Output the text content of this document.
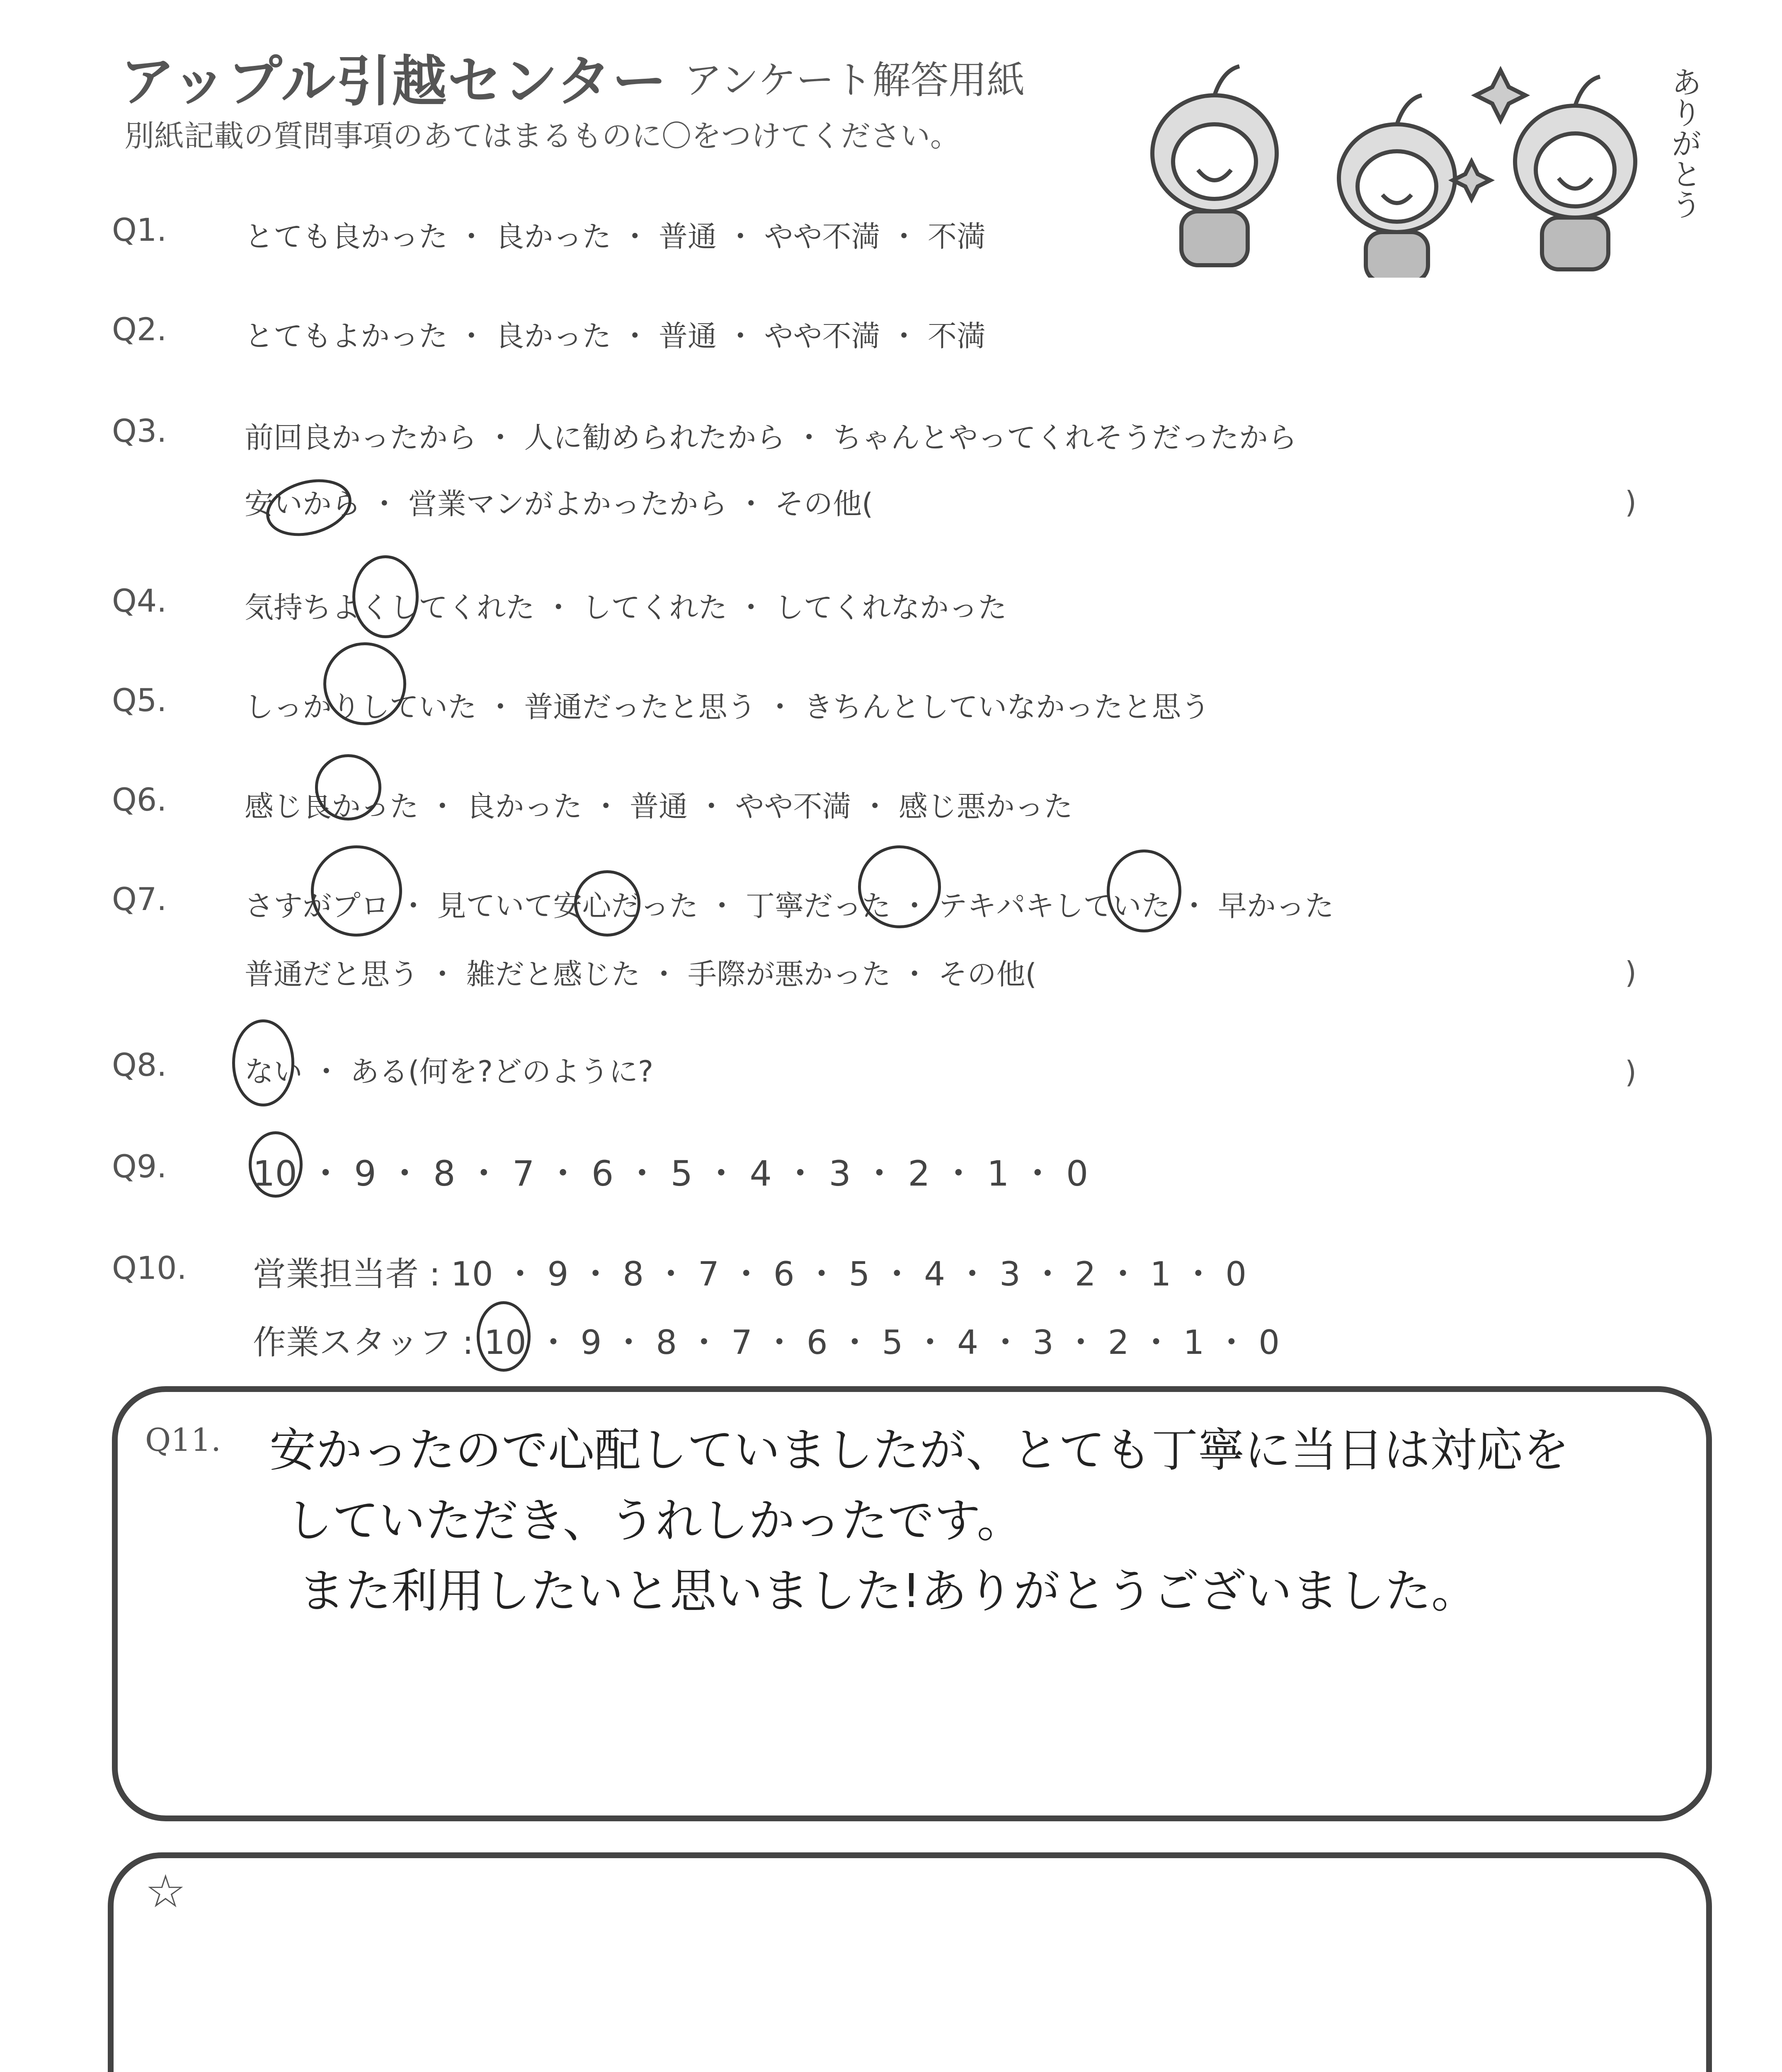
アップル引越センター アンケート解答用紙
別紙記載の質問事項のあてはまるものに〇をつけてください。	ありがとう
Q1.	とても良かった ・ 良かった ・ 普通 ・ やや不満 ・ 不満
Q2.	とてもよかった ・ 良かった ・ 普通 ・ やや不満 ・ 不満
Q3.	前回良かったから ・ 人に勧められたから ・ ちゃんとやってくれそうだったから
安いから ・ 営業マンがよかったから ・ その他(	)
Q4.	気持ちよくしてくれた ・ してくれた ・ してくれなかった
Q5.	しっかりしていた ・ 普通だったと思う ・ きちんとしていなかったと思う
Q6.	感じ良かった ・ 良かった ・ 普通 ・ やや不満 ・ 感じ悪かった
Q7.	さすがプロ ・ 見ていて安心だった ・ 丁寧だった ・ テキパキしていた ・ 早かった
普通だと思う ・ 雑だと感じた ・ 手際が悪かった ・ その他(	)
Q8.	ない ・ ある(何を?どのように?	)
Q9. 10 ・ 9 ・ 8 ・ 7 ・ 6 ・ 5 ・ 4 ・ 3 ・ 2 ・ 1 ・ 0
Q10. 営業担当者 : 10 ・ 9 ・ 8 ・ 7 ・ 6 ・ 5 ・ 4 ・ 3 ・ 2 ・ 1 ・ 0
作業スタッフ : 10 ・ 9 ・ 8 ・ 7 ・ 6 ・ 5 ・ 4 ・ 3 ・ 2 ・ 1 ・ 0
Q11. 安かったので心配していましたが、とても丁寧に当日は対応を
していただき、うれしかったです。
また利用したいと思いました!ありがとうございました。
☆
